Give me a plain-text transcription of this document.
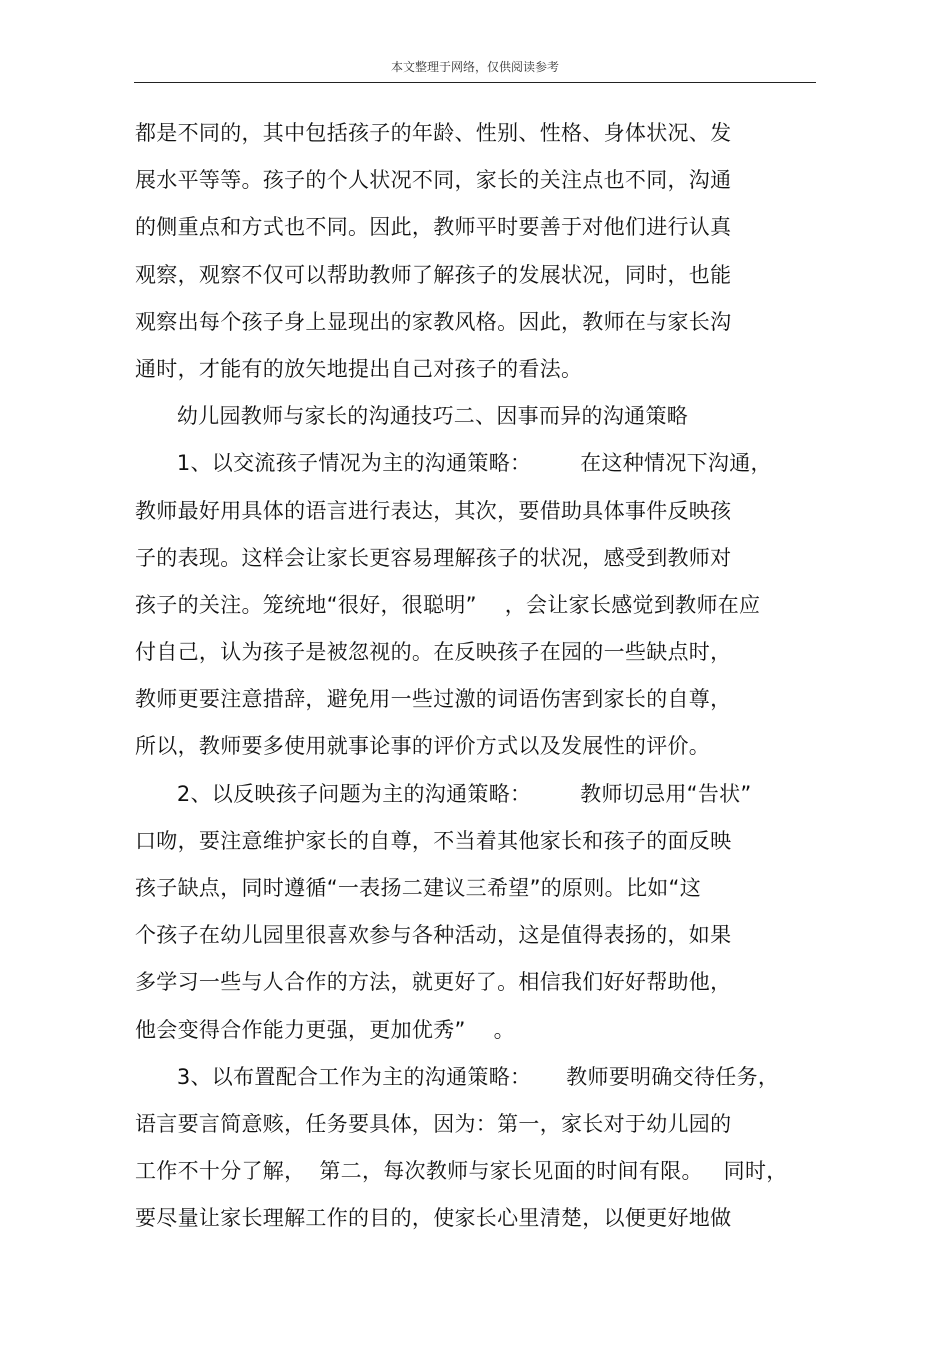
本文整理于网络，仅供阅读参考
都是不同的，其中包括孩子的年龄、性别、性格、身体状况、发
展水平等等。孩子的个人状况不同，家长的关注点也不同，沟通
的侧重点和方式也不同。因此，教师平时要善于对他们进行认真
观察，观察不仅可以帮助教师了解孩子的发展状况，同时，也能
观察出每个孩子身上显现出的家教风格。因此，教师在与家长沟
通时，才能有的放矢地提出自己对孩子的看法。
幼儿园教师与家长的沟通技巧二、因事而异的沟通策略
1、以交流孩子情况为主的沟通策略：       在这种情况下沟通，
教师最好用具体的语言进行表达，其次，要借助具体事件反映孩
子的表现。这样会让家长更容易理解孩子的状况，感受到教师对
孩子的关注。笼统地“很好，很聪明”    ，会让家长感觉到教师在应
付自己，认为孩子是被忽视的。在反映孩子在园的一些缺点时，
教师更要注意措辞，避免用一些过激的词语伤害到家长的自尊，
所以，教师要多使用就事论事的评价方式以及发展性的评价。
2、以反映孩子问题为主的沟通策略：       教师切忌用“告状”
口吻，要注意维护家长的自尊，不当着其他家长和孩子的面反映
孩子缺点，同时遵循“一表扬二建议三希望”的原则。比如“这
个孩子在幼儿园里很喜欢参与各种活动，这是值得表扬的，如果
多学习一些与人合作的方法，就更好了。相信我们好好帮助他，
他会变得合作能力更强，更加优秀”    。
3、以布置配合工作为主的沟通策略：     教师要明确交待任务，
语言要言简意赅，任务要具体，因为：第一，家长对于幼儿园的
工作不十分了解，  第二，每次教师与家长见面的时间有限。   同时，
要尽量让家长理解工作的目的，使家长心里清楚，以便更好地做
